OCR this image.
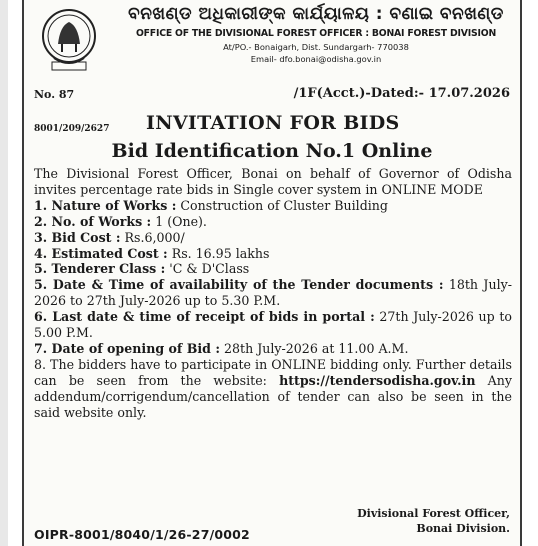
ବନଖଣ୍ଡ ଅଧିକାରୀଙ୍କ କାର୍ଯ୍ୟାଳୟ : ବଣାଇ ବନଖଣ୍ଡ
OFFICE OF THE DIVISIONAL FOREST OFFICER : BONAI FOREST DIVISION
At/PO.- Bonaigarh, Dist. Sundargarh- 770038
Email- dfo.bonai@odisha.gov.in
No. 87	/1F(Acct.)-Dated:- 17.07.2026
8001/209/2627 INVITATION FOR BIDS
Bid Identification No.1 Online

The Divisional Forest Officer, Bonai on behalf of Governor of Odisha invites percentage rate bids in Single cover system in ONLINE MODE

1. Nature of Works : Construction of Cluster Building

2. No. of Works : 1 (One).

3. Bid Cost : Rs.6,000/

4. Estimated Cost : Rs. 16.95 lakhs

5. Tenderer Class : 'C & D'Class

5. Date & Time of availability of the Tender documents : 18th July-2026 to 27th July-2026 up to 5.30 P.M.

6. Last date & time of receipt of bids in portal : 27th July-2026 up to 5.00 P.M.

7. Date of opening of Bid : 28th July-2026 at 11.00 A.M.

8. The bidders have to participate in ONLINE bidding only. Further details can be seen from the website: https://tendersodisha.gov.in Any addendum/corrigendum/cancellation of tender can also be seen in the said website only.

Divisional Forest Officer,
Bonai Division.
OIPR-8001/8040/1/26-27/0002
